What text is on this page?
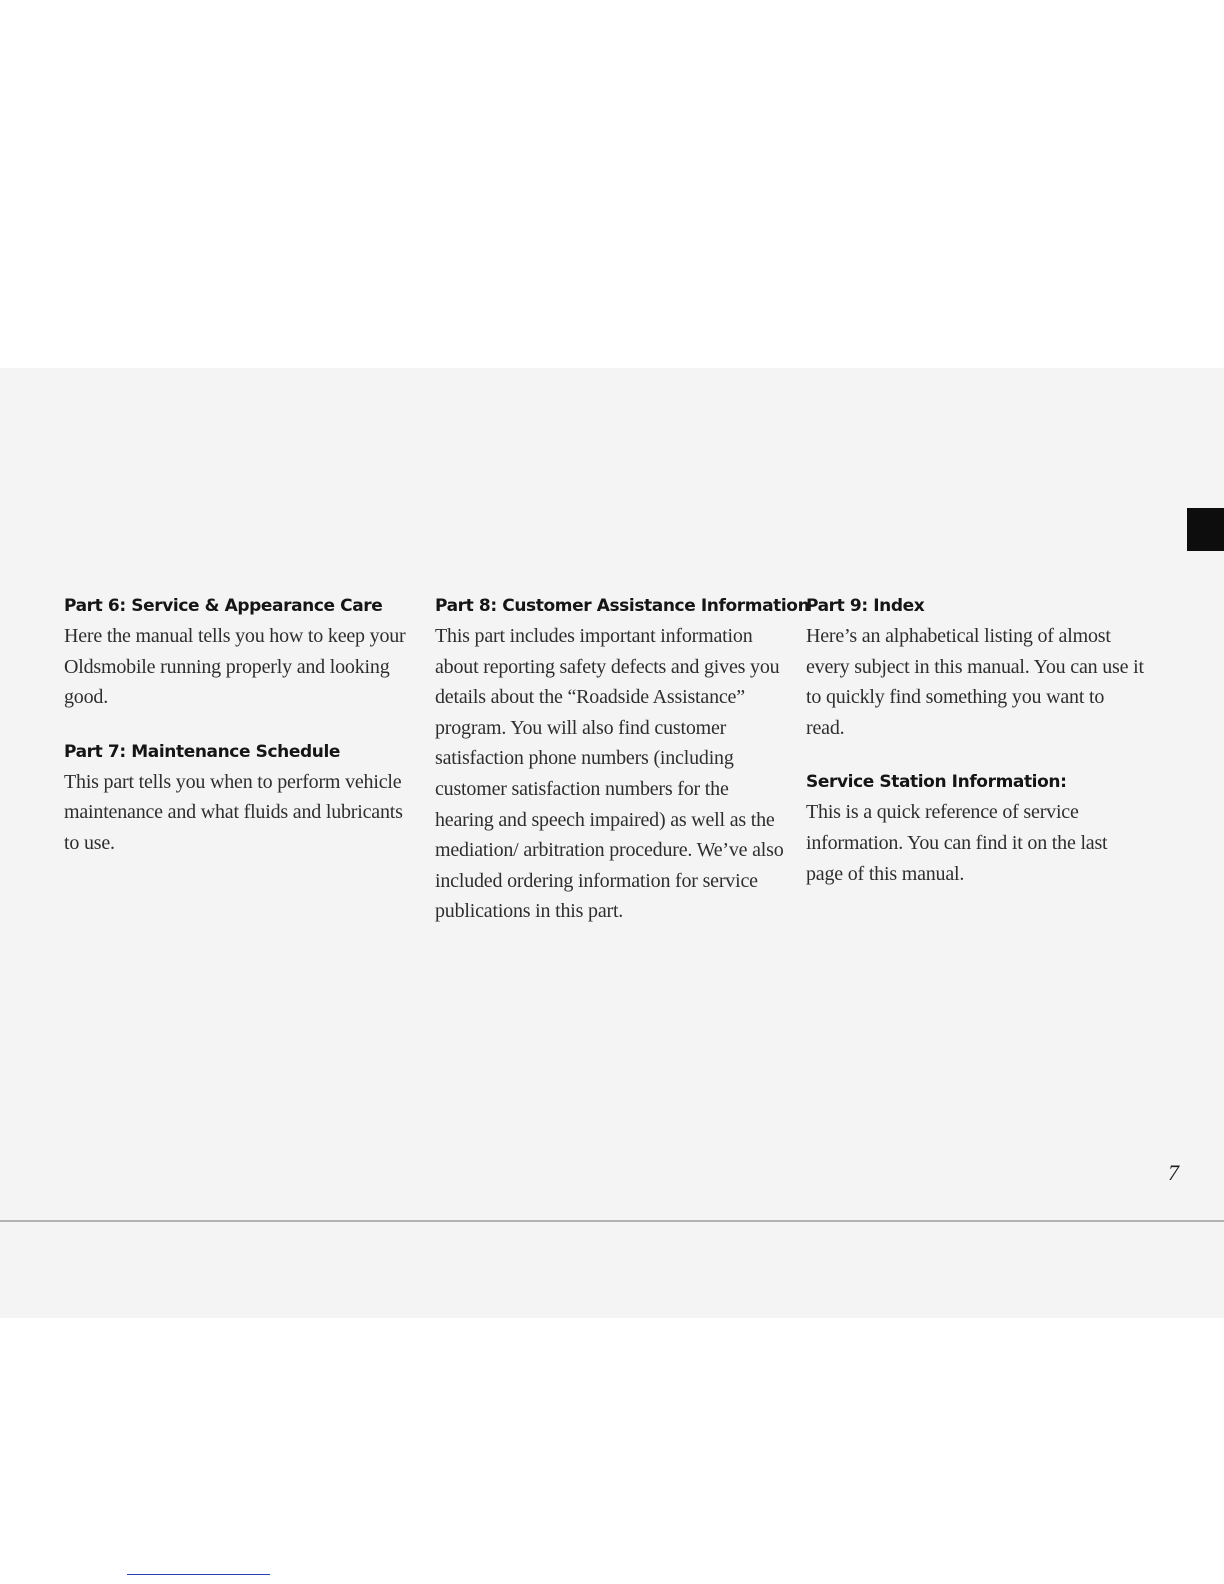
Part 6: Service & Appearance Care

Here the manual tells you how to keep your Oldsmobile running properly and looking good.

Part 7: Maintenance Schedule

This part tells you when to perform vehicle maintenance and what fluids and lubricants to use.

Part 8: Customer Assistance Information

This part includes important information about reporting safety defects and gives you details about the “Roadside Assistance” program. You will also find customer satisfaction phone numbers (including customer satisfaction numbers for the hearing and speech impaired) as well as the mediation/ arbitration procedure. We’ve also included ordering information for service publications in this part.

Part 9: Index

Here’s an alphabetical listing of almost every subject in this manual. You can use it to quickly find something you want to read.

Service Station Information:

This is a quick reference of service information. You can find it on the last page of this manual.

7
